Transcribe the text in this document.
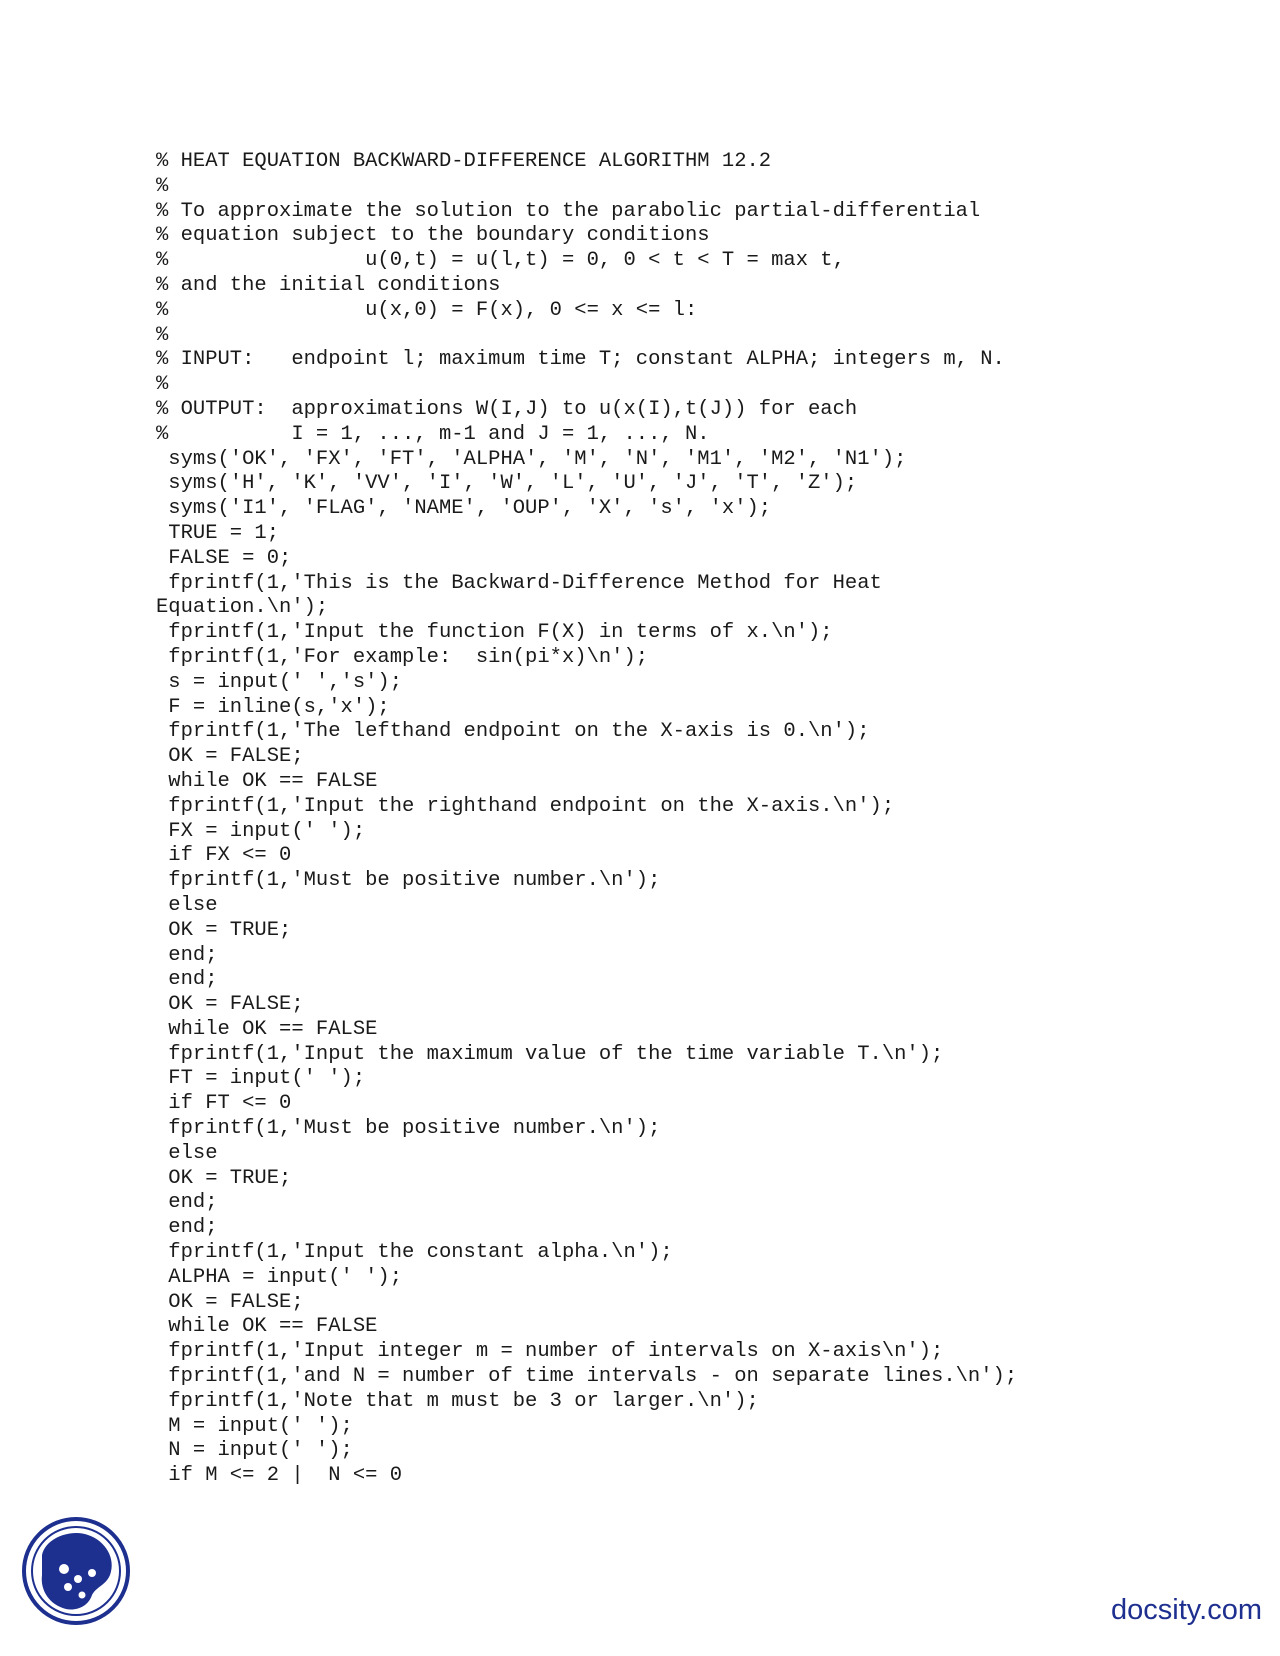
% HEAT EQUATION BACKWARD-DIFFERENCE ALGORITHM 12.2
%
% To approximate the solution to the parabolic partial-differential
% equation subject to the boundary conditions
%                u(0,t) = u(l,t) = 0, 0 < t < T = max t,
% and the initial conditions
%                u(x,0) = F(x), 0 <= x <= l:
%
% INPUT:   endpoint l; maximum time T; constant ALPHA; integers m, N.
%
% OUTPUT:  approximations W(I,J) to u(x(I),t(J)) for each
%          I = 1, ..., m-1 and J = 1, ..., N.
syms('OK', 'FX', 'FT', 'ALPHA', 'M', 'N', 'M1', 'M2', 'N1');
syms('H', 'K', 'VV', 'I', 'W', 'L', 'U', 'J', 'T', 'Z');
syms('I1', 'FLAG', 'NAME', 'OUP', 'X', 's', 'x');
TRUE = 1;
FALSE = 0;
fprintf(1,'This is the Backward-Difference Method for Heat
Equation.\n');
fprintf(1,'Input the function F(X) in terms of x.\n');
fprintf(1,'For example:  sin(pi*x)\n');
s = input(' ','s');
F = inline(s,'x');
fprintf(1,'The lefthand endpoint on the X-axis is 0.\n');
OK = FALSE;
while OK == FALSE
fprintf(1,'Input the righthand endpoint on the X-axis.\n');
FX = input(' ');
if FX <= 0
fprintf(1,'Must be positive number.\n');
else
OK = TRUE;
end;
end;
OK = FALSE;
while OK == FALSE
fprintf(1,'Input the maximum value of the time variable T.\n');
FT = input(' ');
if FT <= 0
fprintf(1,'Must be positive number.\n');
else
OK = TRUE;
end;
end;
fprintf(1,'Input the constant alpha.\n');
ALPHA = input(' ');
OK = FALSE;
while OK == FALSE
fprintf(1,'Input integer m = number of intervals on X-axis\n');
fprintf(1,'and N = number of time intervals - on separate lines.\n');
fprintf(1,'Note that m must be 3 or larger.\n');
M = input(' ');
N = input(' ');
if M <= 2 |  N <= 0
docsity.com
